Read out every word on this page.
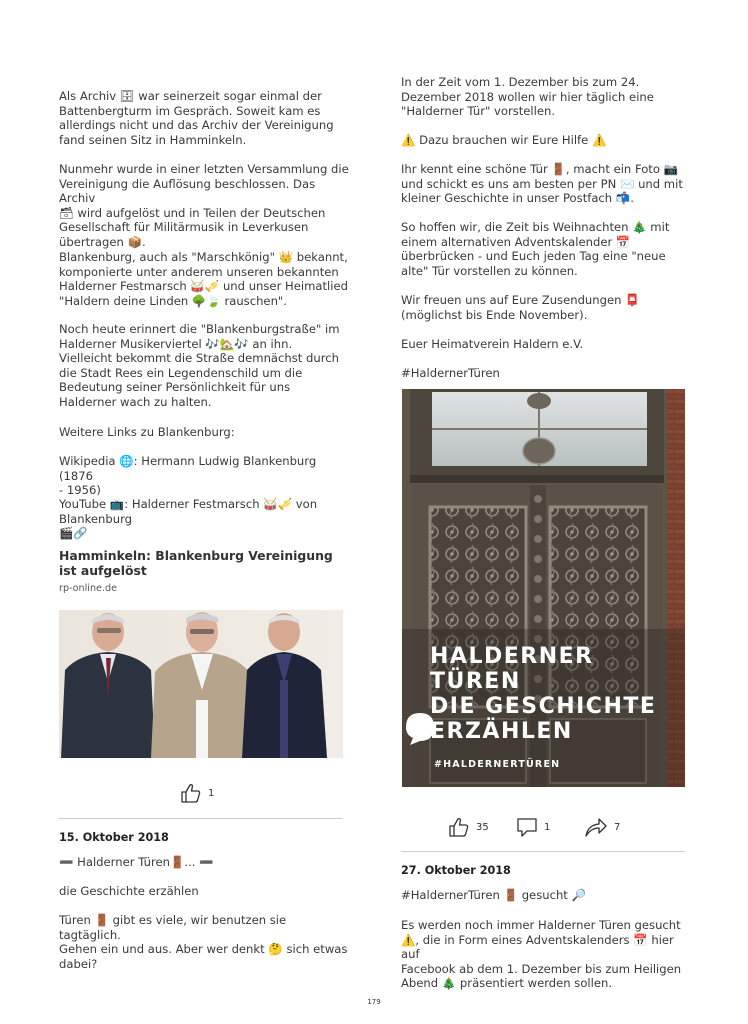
Als Archiv 🗄 war seinerzeit sogar einmal der
Battenbergturm im Gespräch. Soweit kam es
allerdings nicht und das Archiv der Vereinigung
fand seinen Sitz in Hamminkeln.
Nunmehr wurde in einer letzten Versammlung die
Vereinigung die Auflösung beschlossen. Das Archiv
🗃 wird aufgelöst und in Teilen der Deutschen
Gesellschaft für Militärmusik in Leverkusen
übertragen 📦.
Blankenburg, auch als "Marschkönig" 👑 bekannt,
komponierte unter anderem unseren bekannten
Halderner Festmarsch 🥁🎺 und unser Heimatlied
"Haldern deine Linden 🌳🍃 rauschen".
Noch heute erinnert die "Blankenburgstraße" im
Halderner Musikerviertel 🎶🏡🎶 an ihn.
Vielleicht bekommt die Straße demnächst durch
die Stadt Rees ein Legendenschild um die
Bedeutung seiner Persönlichkeit für uns
Halderner wach zu halten.
Weitere Links zu Blankenburg:
Wikipedia 🌐: Hermann Ludwig Blankenburg (1876
- 1956)
YouTube 📺: Halderner Festmarsch 🥁🎺 von
Blankenburg
🎬🔗
Hamminkeln: Blankenburg Vereinigung ist aufgelöst
rp-online.de
1
15. Oktober 2018
➖ Halderner Türen🚪... ➖
die Geschichte erzählen
Türen 🚪 gibt es viele, wir benutzen sie tagtäglich.
Gehen ein und aus. Aber wer denkt 🤔 sich etwas
dabei?
In der Zeit vom 1. Dezember bis zum 24.
Dezember 2018 wollen wir hier täglich eine
"Halderner Tür" vorstellen.
⚠️ Dazu brauchen wir Eure Hilfe ⚠️
Ihr kennt eine schöne Tür 🚪, macht ein Foto 📷
und schickt es uns am besten per PN ✉️ und mit
kleiner Geschichte in unser Postfach 📬.
So hoffen wir, die Zeit bis Weihnachten 🎄 mit
einem alternativen Adventskalender 📅
überbrücken - und Euch jeden Tag eine "neue
alte" Tür vorstellen zu können.
Wir freuen uns auf Eure Zusendungen 📮
(möglichst bis Ende November).
Euer Heimatverein Haldern e.V.
#HaldernerTüren
HALDERNER
TÜREN
DIE GESCHICHTE
ERZÄHLEN
#HALDERNERTÜREN
35	1	7
27. Oktober 2018
#HaldernerTüren 🚪 gesucht 🔎
Es werden noch immer Halderner Türen gesucht
⚠️, die in Form eines Adventskalenders 📅 hier auf
Facebook ab dem 1. Dezember bis zum Heiligen
Abend 🎄 präsentiert werden sollen.
179
